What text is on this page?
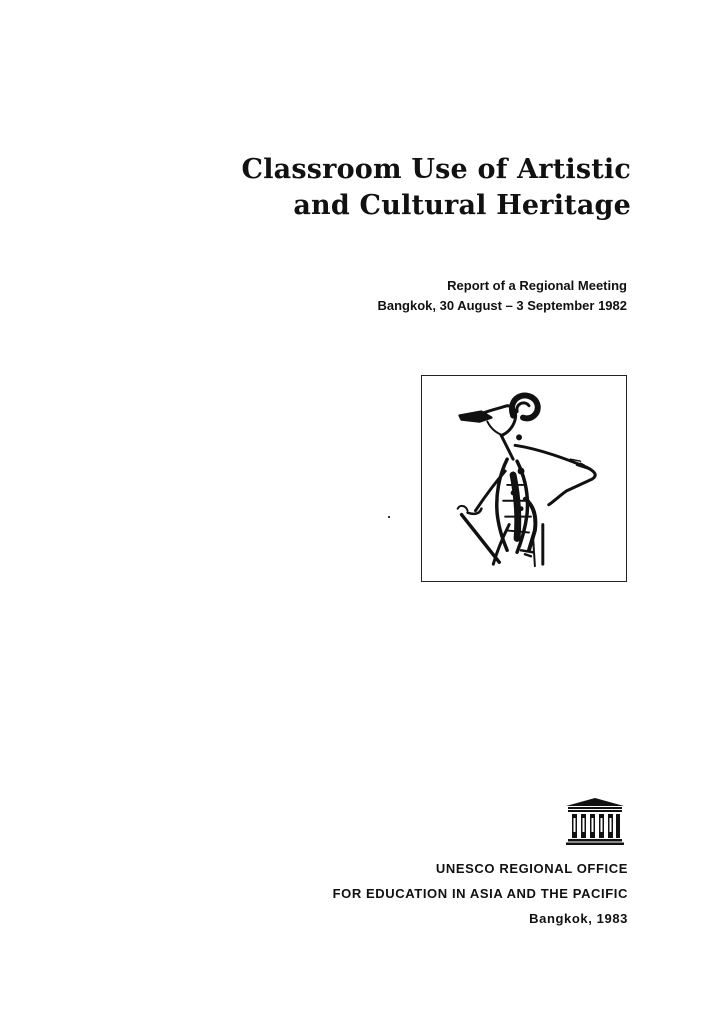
Classroom Use of Artistic
and Cultural Heritage
Report of a Regional Meeting
Bangkok, 30 August – 3 September 1982
UNESCO REGIONAL OFFICE
FOR EDUCATION IN ASIA AND THE PACIFIC
Bangkok, 1983
